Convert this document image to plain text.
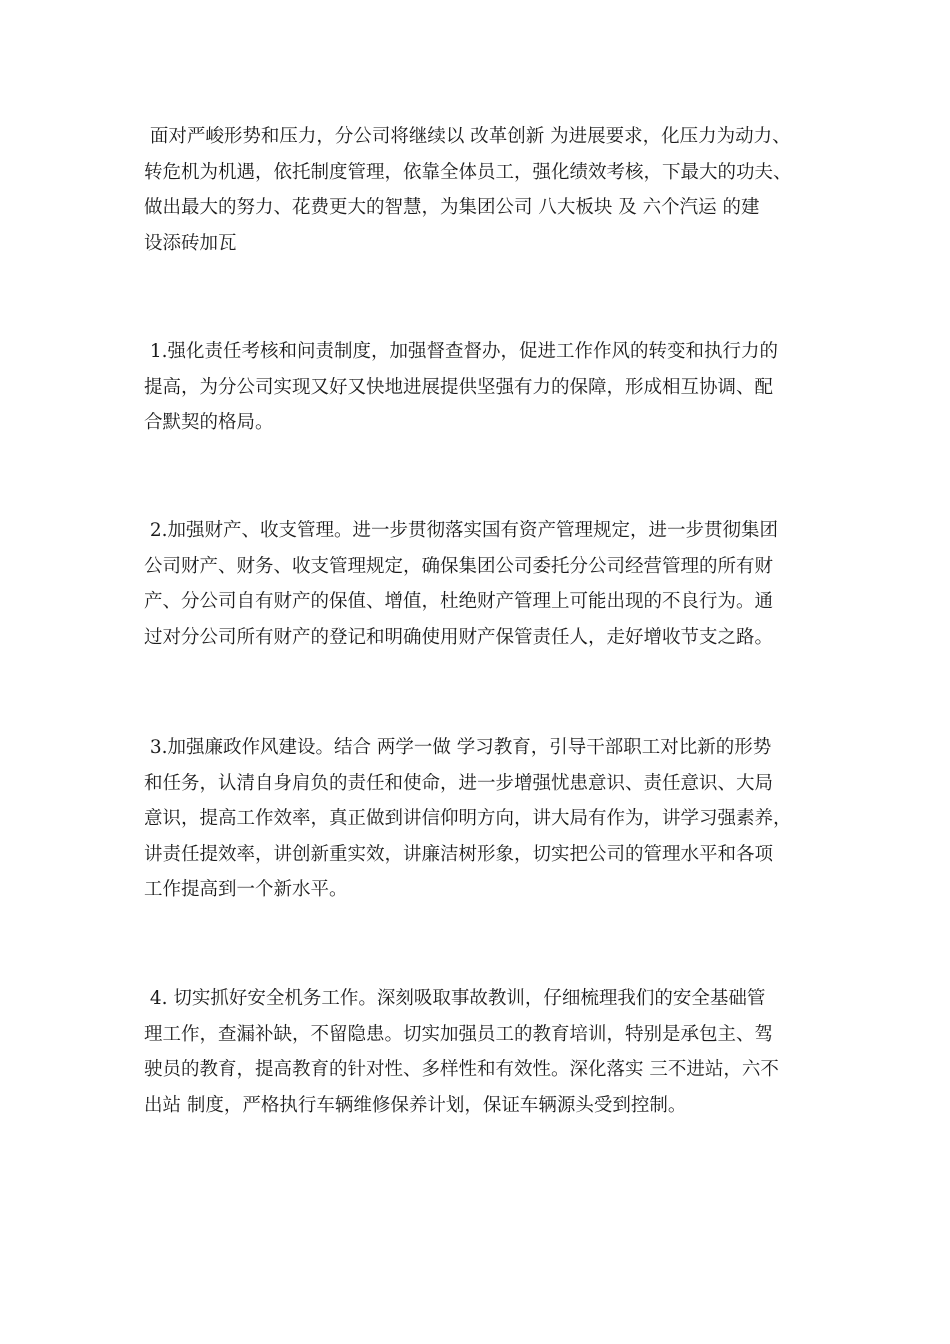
面对严峻形势和压力，分公司将继续以 改革创新 为进展要求，化压力为动力、
转危机为机遇，依托制度管理，依靠全体员工，强化绩效考核，下最大的功夫、
做出最大的努力、花费更大的智慧，为集团公司 八大板块 及 六个汽运 的建
设添砖加瓦
1.强化责任考核和问责制度，加强督查督办，促进工作作风的转变和执行力的
提高，为分公司实现又好又快地进展提供坚强有力的保障，形成相互协调、配
合默契的格局。
2.加强财产、收支管理。进一步贯彻落实国有资产管理规定，进一步贯彻集团
公司财产、财务、收支管理规定，确保集团公司委托分公司经营管理的所有财
产、分公司自有财产的保值、增值，杜绝财产管理上可能出现的不良行为。通
过对分公司所有财产的登记和明确使用财产保管责任人，走好增收节支之路。
3.加强廉政作风建设。结合 两学一做 学习教育，引导干部职工对比新的形势
和任务，认清自身肩负的责任和使命，进一步增强忧患意识、责任意识、大局
意识，提高工作效率，真正做到讲信仰明方向，讲大局有作为，讲学习强素养，
讲责任提效率，讲创新重实效，讲廉洁树形象，切实把公司的管理水平和各项
工作提高到一个新水平。
4. 切实抓好安全机务工作。深刻吸取事故教训，仔细梳理我们的安全基础管
理工作，查漏补缺，不留隐患。切实加强员工的教育培训，特别是承包主、驾
驶员的教育，提高教育的针对性、多样性和有效性。深化落实 三不进站，六不
出站 制度，严格执行车辆维修保养计划，保证车辆源头受到控制。
